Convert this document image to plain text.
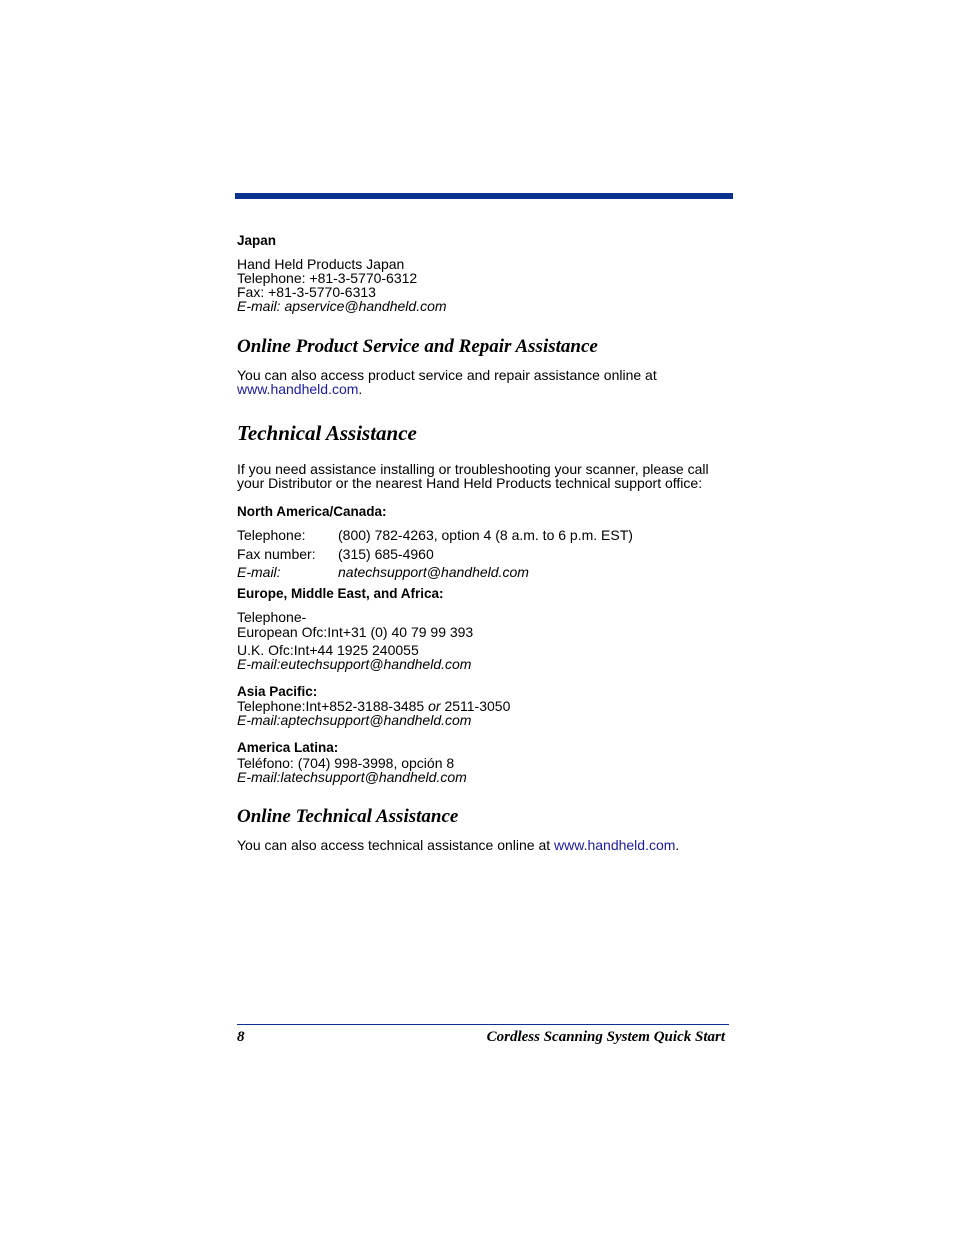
Japan
Hand Held Products Japan
Telephone: +81-3-5770-6312
Fax: +81-3-5770-6313
E-mail: apservice@handheld.com
Online Product Service and Repair Assistance
You can also access product service and repair assistance online at
www.handheld.com.
Technical Assistance
If you need assistance installing or troubleshooting your scanner, please call
your Distributor or the nearest Hand Held Products technical support office:
North America/Canada:
Telephone: (800) 782-4263, option 4 (8 a.m. to 6 p.m. EST)
Fax number: (315) 685-4960
E-mail:	natechsupport@handheld.com
Europe, Middle East, and Africa:
Telephone-
European Ofc:Int+31 (0) 40 79 99 393
U.K. Ofc:Int+44 1925 240055
E-mail:eutechsupport@handheld.com
Asia Pacific:
Telephone:Int+852-3188-3485 or 2511-3050
E-mail:aptechsupport@handheld.com
America Latina:
Teléfono: (704) 998-3998, opción 8
E-mail:latechsupport@handheld.com
Online Technical Assistance
You can also access technical assistance online at www.handheld.com.
8	Cordless Scanning System Quick Start
